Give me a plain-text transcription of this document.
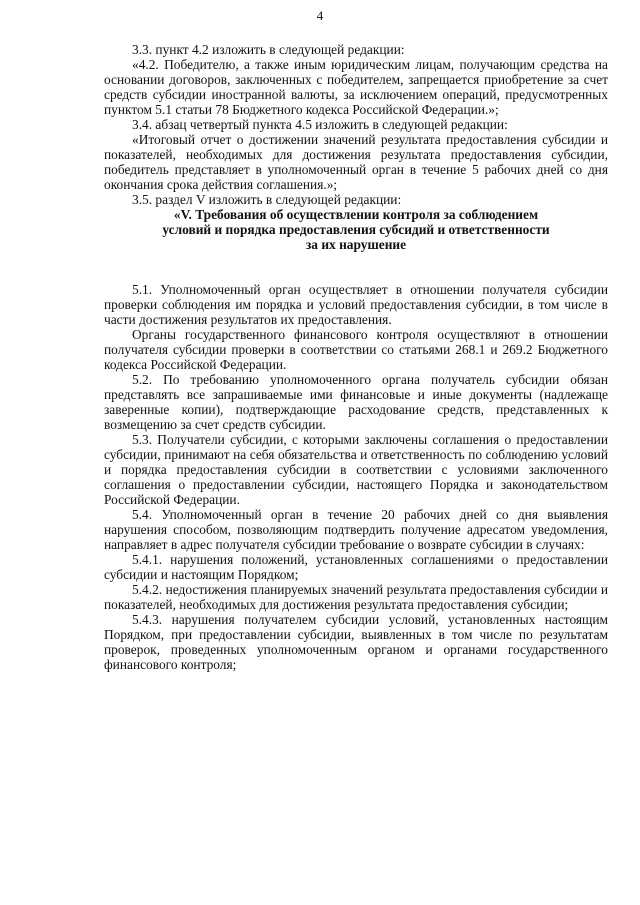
4

3.3. пункт 4.2 изложить в следующей редакции:

«4.2. Победителю, а также иным юридическим лицам, получающим средства на основании договоров, заключенных с победителем, запрещается приобретение за счет средств субсидии иностранной валюты, за исключением операций, предусмотренных пунктом 5.1 статьи 78 Бюджетного кодекса Российской Федерации.»;

3.4. абзац четвертый пункта 4.5 изложить в следующей редакции:

«Итоговый отчет о достижении значений результата предоставления субсидии и показателей, необходимых для достижения результата предоставления субсидии, победитель представляет в уполномоченный орган в течение 5 рабочих дней со дня окончания срока действия соглашения.»;

3.5. раздел V изложить в следующей редакции:

«V. Требования об осуществлении контроля за соблюдением
условий и порядка предоставления субсидий и ответственности
за их нарушение

5.1. Уполномоченный орган осуществляет в отношении получателя субсидии проверки соблюдения им порядка и условий предоставления субсидии, в том числе в части достижения результатов их предоставления.

Органы государственного финансового контроля осуществляют в отношении получателя субсидии проверки в соответствии со статьями 268.1 и 269.2 Бюджетного кодекса Российской Федерации.

5.2. По требованию уполномоченного органа получатель субсидии обязан представлять все запрашиваемые ими финансовые и иные документы (надлежаще заверенные копии), подтверждающие расходование средств, представленных к возмещению за счет средств субсидии.

5.3. Получатели субсидии, с которыми заключены соглашения о предоставлении субсидии, принимают на себя обязательства и ответственность по соблюдению условий и порядка предоставления субсидии в соответствии с условиями заключенного соглашения о предоставлении субсидии, настоящего Порядка и законодательством Российской Федерации.

5.4. Уполномоченный орган в течение 20 рабочих дней со дня выявления нарушения способом, позволяющим подтвердить получение адресатом уведомления, направляет в адрес получателя субсидии требование о возврате субсидии в случаях:

5.4.1. нарушения положений, установленных соглашениями о предоставлении субсидии и настоящим Порядком;

5.4.2. недостижения планируемых значений результата предоставления субсидии и показателей, необходимых для достижения результата предоставления субсидии;

5.4.3. нарушения получателем субсидии условий, установленных настоящим Порядком, при предоставлении субсидии, выявленных в том числе по результатам проверок, проведенных уполномоченным органом и органами государственного финансового контроля;
